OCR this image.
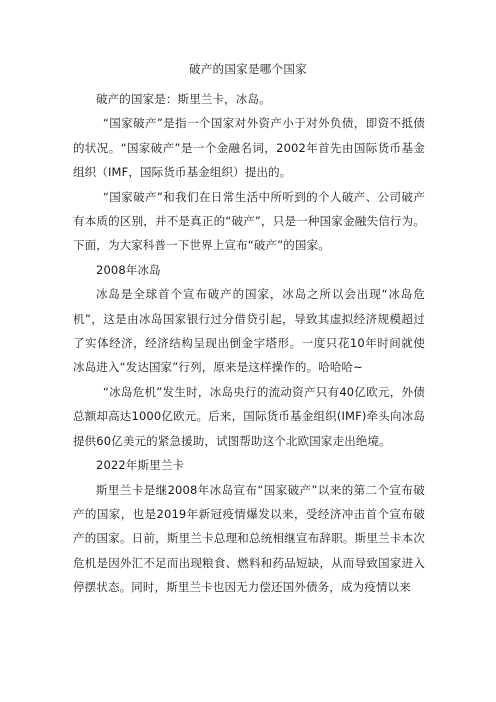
破产的国家是哪个国家

破产的国家是：斯里兰卡，冰岛。

“国家破产”是指一个国家对外资产小于对外负债，即资不抵债的状况。“国家破产”是一个金融名词，2002年首先由国际货币基金组织（IMF，国际货币基金组织）提出的。

“国家破产”和我们在日常生活中所听到的个人破产、公司破产有本质的区别，并不是真正的“破产”，只是一种国家金融失信行为。下面，为大家科普一下世界上宣布“破产”的国家。

2008年冰岛

冰岛是全球首个宣布破产的国家，冰岛之所以会出现“冰岛危机”，这是由冰岛国家银行过分借贷引起，导致其虚拟经济规模超过了实体经济，经济结构呈现出倒金字塔形。一度只花10年时间就使冰岛进入“发达国家”行列，原来是这样操作的。哈哈哈~

“冰岛危机”发生时，冰岛央行的流动资产只有40亿欧元，外债总额却高达1000亿欧元。后来，国际货币基金组织(IMF)牵头向冰岛提供60亿美元的紧急援助，试图帮助这个北欧国家走出绝境。

2022年斯里兰卡

斯里兰卡是继2008年冰岛宣布“国家破产”以来的第二个宣布破产的国家，也是2019年新冠疫情爆发以来，受经济冲击首个宣布破产的国家。日前，斯里兰卡总理和总统相继宣布辞职。斯里兰卡本次危机是因外汇不足而出现粮食、燃料和药品短缺，从而导致国家进入停摆状态。同时，斯里兰卡也因无力偿还国外债务，成为疫情以来
